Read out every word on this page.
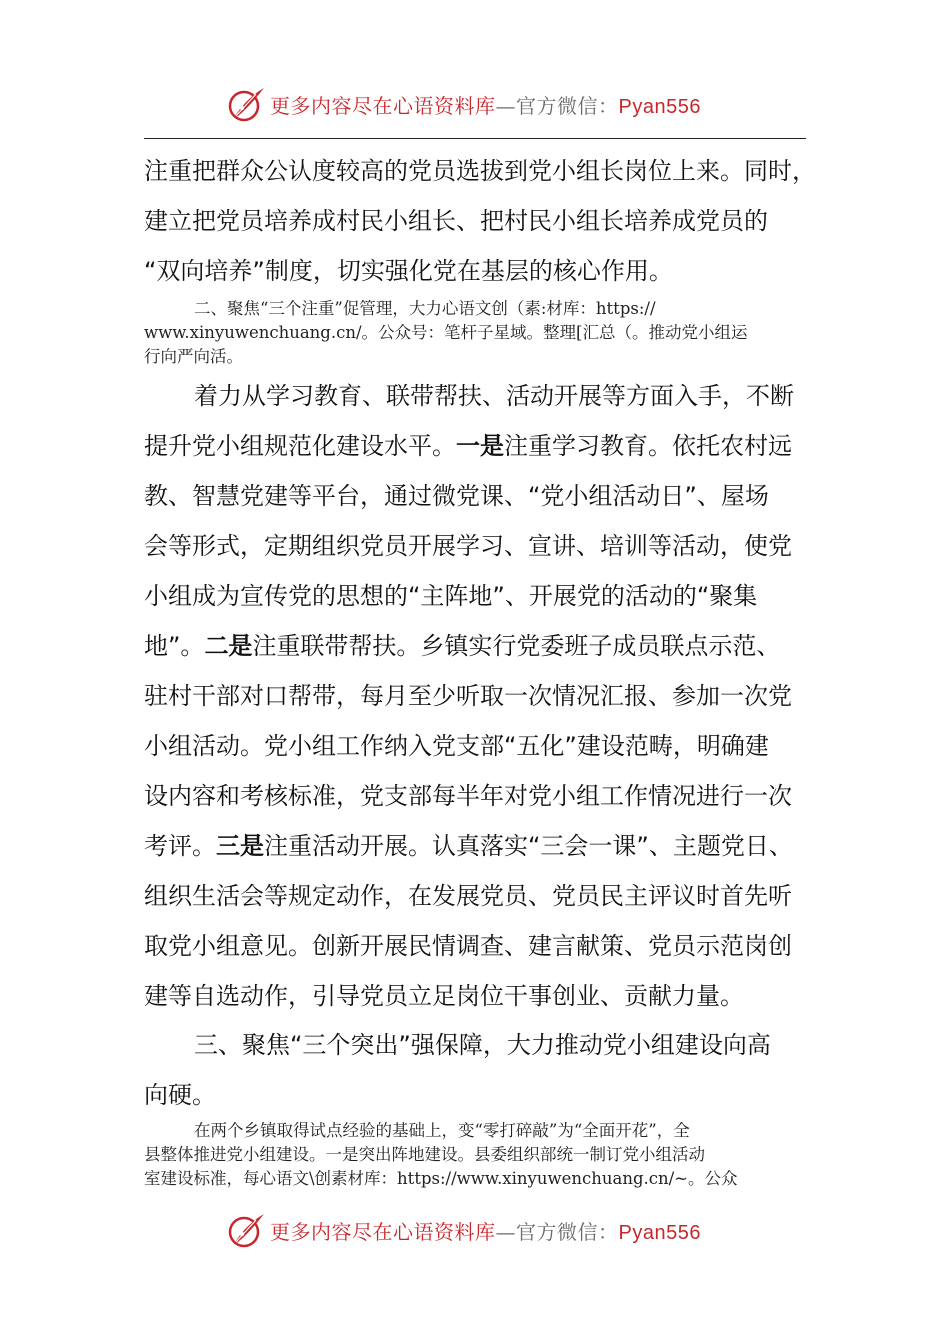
更多内容尽在心语资料库—官方微信：Pyan556
注重把群众公认度较高的党员选拔到党小组长岗位上来。同时，
建立把党员培养成村民小组长、把村民小组长培养成党员的
“双向培养”制度，切实强化党在基层的核心作用。
二、聚焦“三个注重”促管理，大力心语文创（素:材库：https://
www.xinyuwenchuang.cn/。公众号：笔杆子星域。整理[汇总（。推动党小组运
行向严向活。
着力从学习教育、联带帮扶、活动开展等方面入手，不断
提升党小组规范化建设水平。一是注重学习教育。依托农村远
教、智慧党建等平台，通过微党课、“党小组活动日”、屋场
会等形式，定期组织党员开展学习、宣讲、培训等活动，使党
小组成为宣传党的思想的“主阵地”、开展党的活动的“聚集
地”。二是注重联带帮扶。乡镇实行党委班子成员联点示范、
驻村干部对口帮带，每月至少听取一次情况汇报、参加一次党
小组活动。党小组工作纳入党支部“五化”建设范畴，明确建
设内容和考核标准，党支部每半年对党小组工作情况进行一次
考评。三是注重活动开展。认真落实“三会一课”、主题党日、
组织生活会等规定动作，在发展党员、党员民主评议时首先听
取党小组意见。创新开展民情调查、建言献策、党员示范岗创
建等自选动作，引导党员立足岗位干事创业、贡献力量。
三、聚焦“三个突出”强保障，大力推动党小组建设向高
向硬。
在两个乡镇取得试点经验的基础上，变“零打碎敲”为“全面开花”，全
县整体推进党小组建设。一是突出阵地建设。县委组织部统一制订党小组活动
室建设标准，每心语文\创素材库：https://www.xinyuwenchuang.cn/~。公众
更多内容尽在心语资料库—官方微信：Pyan556
